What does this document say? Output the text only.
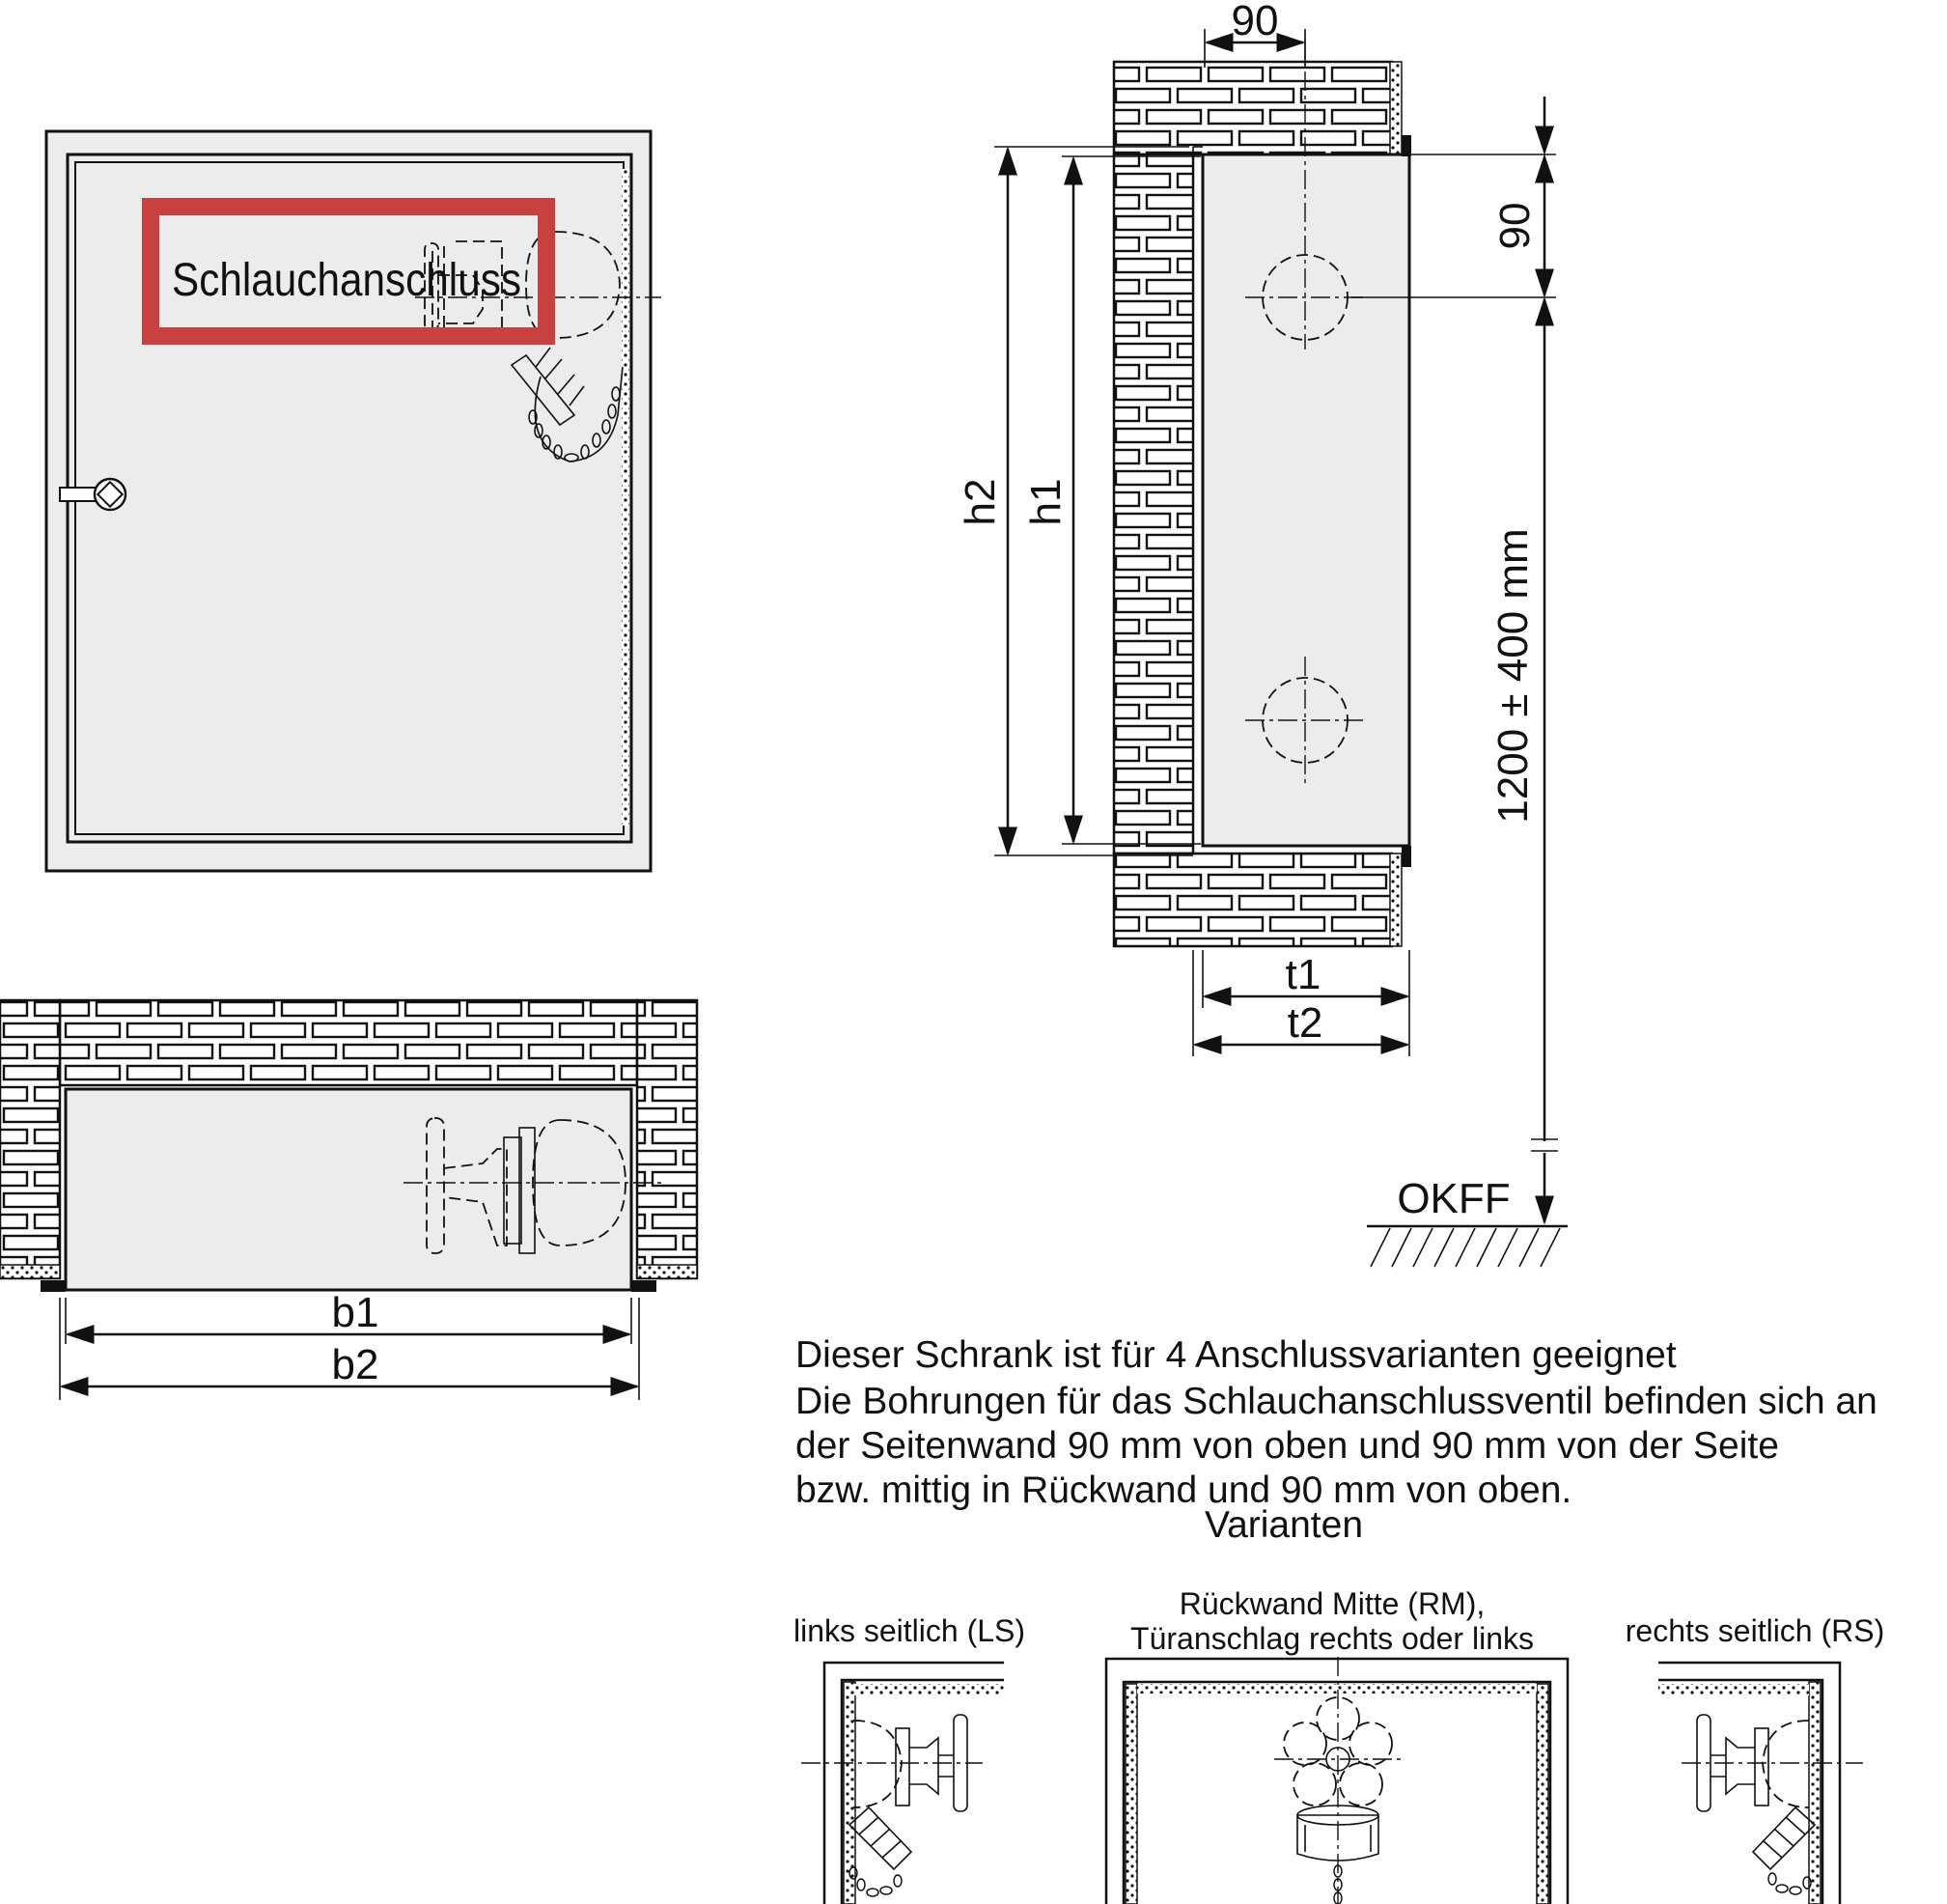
Schlauchanschluss
b1
b2
90
h2 h1
90
1200 ± 400 mm
t1
t2
OKFF
Dieser Schrank ist für 4 Anschlussvarianten geeignet
Die Bohrungen für das Schlauchanschlussventil befinden sich an
der Seitenwand 90 mm von oben und 90 mm von der Seite
bzw. mittig in Rückwand und 90 mm von oben.
Varianten
links seitlich (LS)
Rückwand Mitte (RM),
Türanschlag rechts oder links	rechts seitlich (RS)
